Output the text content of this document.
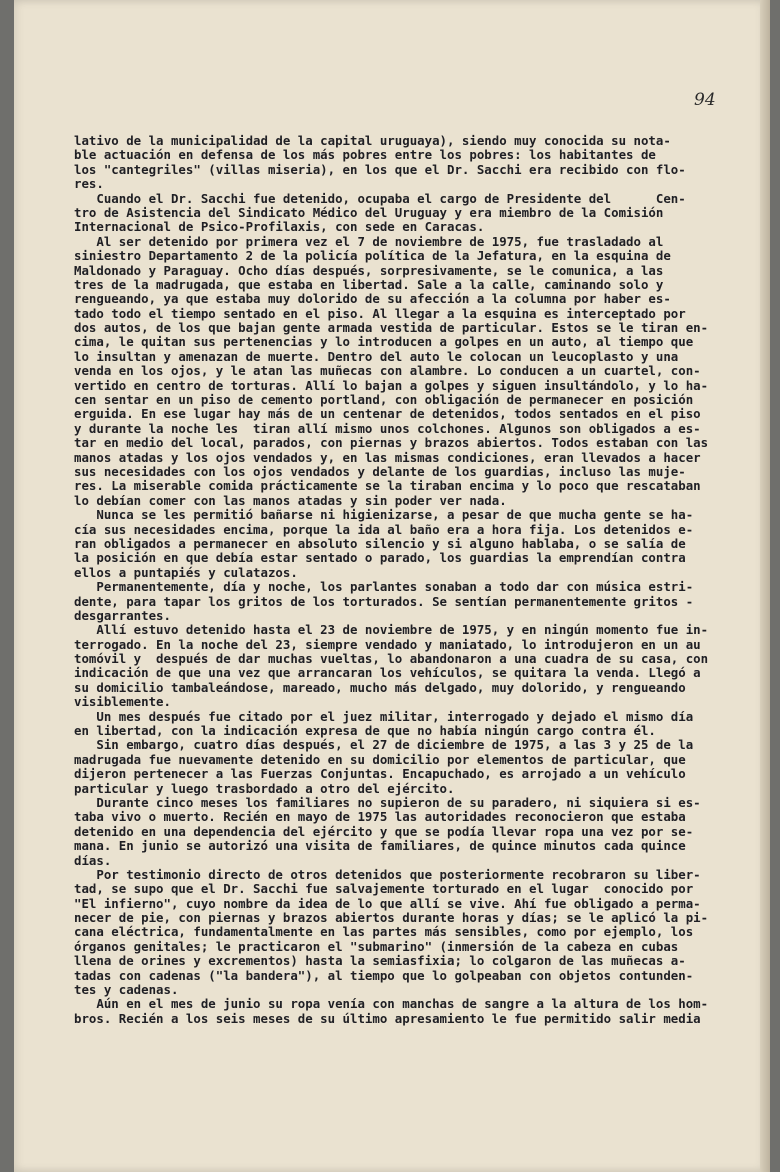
94
lativo de la municipalidad de la capital uruguaya), siendo muy conocida su nota-
ble actuación en defensa de los más pobres entre los pobres: los habitantes de
los "cantegriles" (villas miseria), en los que el Dr. Sacchi era recibido con flo-
res.
Cuando el Dr. Sacchi fue detenido, ocupaba el cargo de Presidente del      Cen-
tro de Asistencia del Sindicato Médico del Uruguay y era miembro de la Comisión
Internacional de Psico-Profilaxis, con sede en Caracas.
Al ser detenido por primera vez el 7 de noviembre de 1975, fue trasladado al
siniestro Departamento 2 de la policía política de la Jefatura, en la esquina de
Maldonado y Paraguay. Ocho días después, sorpresivamente, se le comunica, a las
tres de la madrugada, que estaba en libertad. Sale a la calle, caminando solo y
rengueando, ya que estaba muy dolorido de su afección a la columna por haber es-
tado todo el tiempo sentado en el piso. Al llegar a la esquina es interceptado por
dos autos, de los que bajan gente armada vestida de particular. Estos se le tiran en-
cima, le quitan sus pertenencias y lo introducen a golpes en un auto, al tiempo que
lo insultan y amenazan de muerte. Dentro del auto le colocan un leucoplasto y una
venda en los ojos, y le atan las muñecas con alambre. Lo conducen a un cuartel, con-
vertido en centro de torturas. Allí lo bajan a golpes y siguen insultándolo, y lo ha-
cen sentar en un piso de cemento portland, con obligación de permanecer en posición
erguida. En ese lugar hay más de un centenar de detenidos, todos sentados en el piso
y durante la noche les  tiran allí mismo unos colchones. Algunos son obligados a es-
tar en medio del local, parados, con piernas y brazos abiertos. Todos estaban con las
manos atadas y los ojos vendados y, en las mismas condiciones, eran llevados a hacer
sus necesidades con los ojos vendados y delante de los guardias, incluso las muje-
res. La miserable comida prácticamente se la tiraban encima y lo poco que rescataban
lo debían comer con las manos atadas y sin poder ver nada.
Nunca se les permitió bañarse ni higienizarse, a pesar de que mucha gente se ha-
cía sus necesidades encima, porque la ida al baño era a hora fija. Los detenidos e-
ran obligados a permanecer en absoluto silencio y si alguno hablaba, o se salía de
la posición en que debía estar sentado o parado, los guardias la emprendían contra
ellos a puntapiés y culatazos.
Permanentemente, día y noche, los parlantes sonaban a todo dar con música estri-
dente, para tapar los gritos de los torturados. Se sentían permanentemente gritos -
desgarrantes.
Allí estuvo detenido hasta el 23 de noviembre de 1975, y en ningún momento fue in-
terrogado. En la noche del 23, siempre vendado y maniatado, lo introdujeron en un au
tomóvil y  después de dar muchas vueltas, lo abandonaron a una cuadra de su casa, con
indicación de que una vez que arrancaran los vehículos, se quitara la venda. Llegó a
su domicilio tambaleándose, mareado, mucho más delgado, muy dolorido, y rengueando
visiblemente.
Un mes después fue citado por el juez militar, interrogado y dejado el mismo día
en libertad, con la indicación expresa de que no había ningún cargo contra él.
Sin embargo, cuatro días después, el 27 de diciembre de 1975, a las 3 y 25 de la
madrugada fue nuevamente detenido en su domicilio por elementos de particular, que
dijeron pertenecer a las Fuerzas Conjuntas. Encapuchado, es arrojado a un vehículo
particular y luego trasbordado a otro del ejército.
Durante cinco meses los familiares no supieron de su paradero, ni siquiera si es-
taba vivo o muerto. Recién en mayo de 1975 las autoridades reconocieron que estaba
detenido en una dependencia del ejército y que se podía llevar ropa una vez por se-
mana. En junio se autorizó una visita de familiares, de quince minutos cada quince
días.
Por testimonio directo de otros detenidos que posteriormente recobraron su liber-
tad, se supo que el Dr. Sacchi fue salvajemente torturado en el lugar  conocido por
"El infierno", cuyo nombre da idea de lo que allí se vive. Ahí fue obligado a perma-
necer de pie, con piernas y brazos abiertos durante horas y días; se le aplicó la pi-
cana eléctrica, fundamentalmente en las partes más sensibles, como por ejemplo, los
órganos genitales; le practicaron el "submarino" (inmersión de la cabeza en cubas
llena de orines y excrementos) hasta la semiasfixia; lo colgaron de las muñecas a-
tadas con cadenas ("la bandera"), al tiempo que lo golpeaban con objetos contunden-
tes y cadenas.
Aún en el mes de junio su ropa venía con manchas de sangre a la altura de los hom-
bros. Recién a los seis meses de su último apresamiento le fue permitido salir media
